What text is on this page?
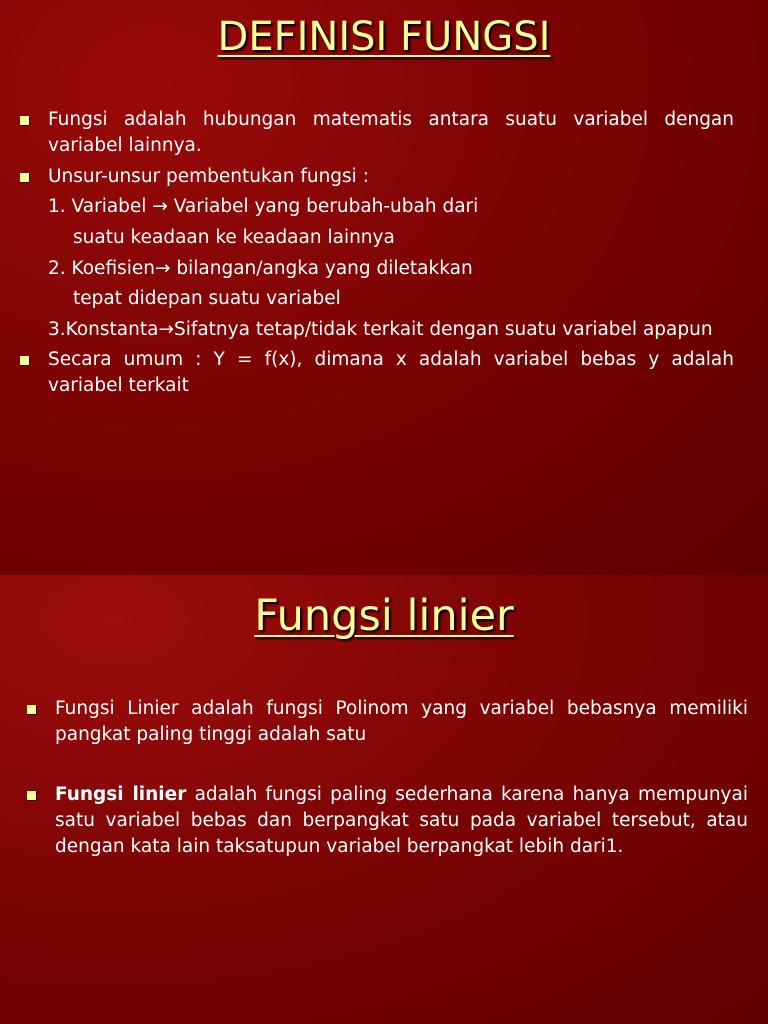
DEFINISI FUNGSI
Fungsi adalah hubungan matematis antara suatu variabel dengan variabel lainnya.
Unsur-unsur pembentukan fungsi :
1. Variabel → Variabel yang berubah-ubah dari
suatu keadaan ke keadaan lainnya
2. Koefisien→ bilangan/angka yang diletakkan
tepat didepan suatu variabel
3.Konstanta→Sifatnya tetap/tidak terkait dengan suatu variabel apapun
Secara umum : Y = f(x), dimana x adalah variabel bebas y adalah variabel terkait
Fungsi linier
Fungsi Linier adalah fungsi Polinom yang variabel bebasnya memiliki pangkat paling tinggi adalah satu
Fungsi linier adalah fungsi paling sederhana karena hanya mempunyai satu variabel bebas dan berpangkat satu pada variabel tersebut, atau dengan kata lain taksatupun variabel berpangkat lebih dari1.
